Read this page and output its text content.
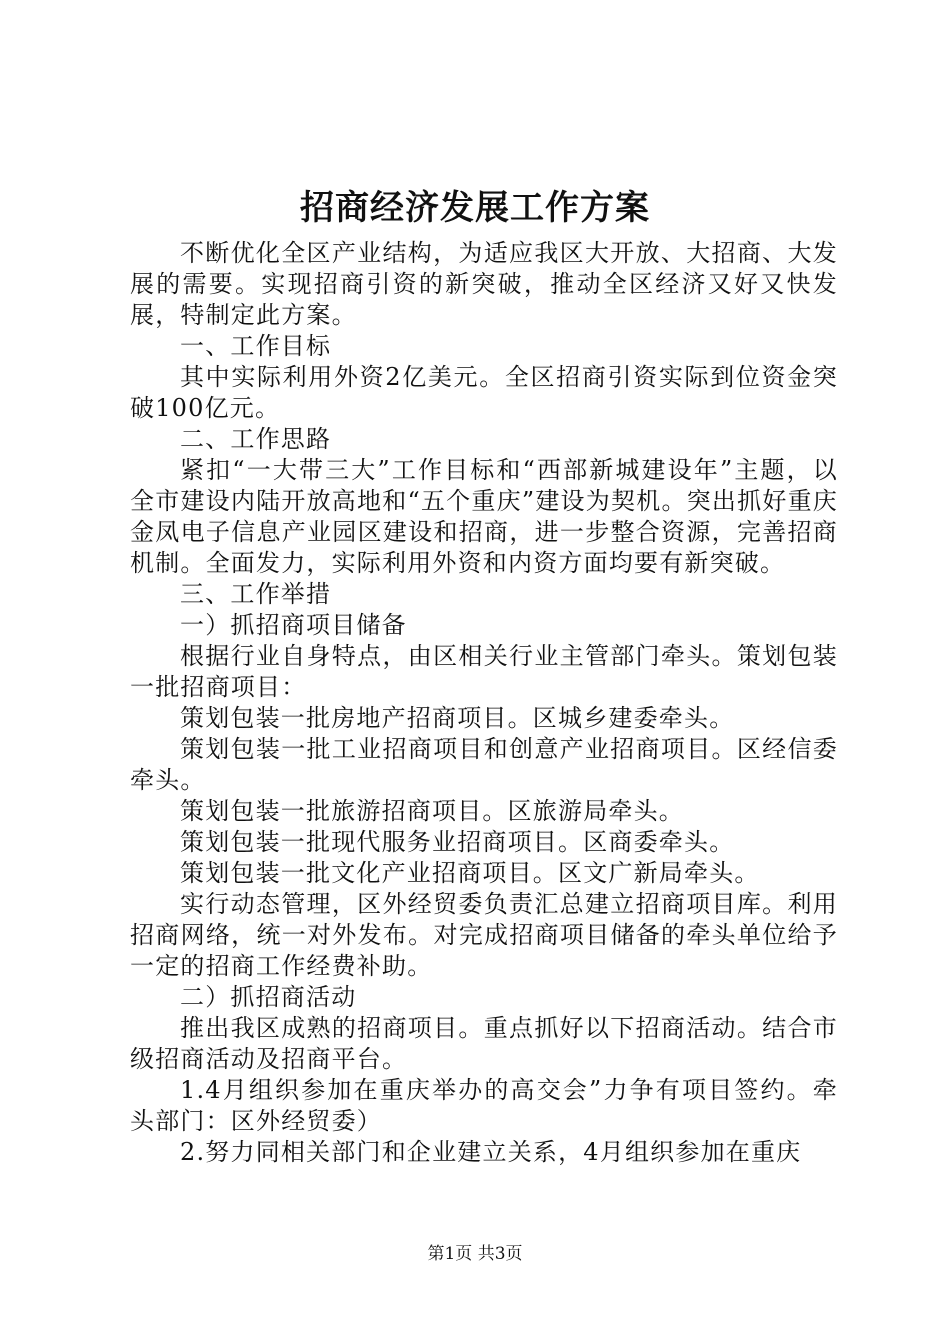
招商经济发展工作方案

不断优化全区产业结构，为适应我区大开放、大招商、大发展的需要。实现招商引资的新突破，推动全区经济又好又快发展，特制定此方案。

一、工作目标

其中实际利用外资2亿美元。全区招商引资实际到位资金突破100亿元。

二、工作思路

紧扣“一大带三大”工作目标和“西部新城建设年”主题，以全市建设内陆开放高地和“五个重庆”建设为契机。突出抓好重庆金凤电子信息产业园区建设和招商，进一步整合资源，完善招商机制。全面发力，实际利用外资和内资方面均要有新突破。

三、工作举措

一）抓招商项目储备

根据行业自身特点，由区相关行业主管部门牵头。策划包装一批招商项目：

策划包装一批房地产招商项目。区城乡建委牵头。

策划包装一批工业招商项目和创意产业招商项目。区经信委牵头。

策划包装一批旅游招商项目。区旅游局牵头。

策划包装一批现代服务业招商项目。区商委牵头。

策划包装一批文化产业招商项目。区文广新局牵头。

实行动态管理，区外经贸委负责汇总建立招商项目库。利用招商网络，统一对外发布。对完成招商项目储备的牵头单位给予一定的招商工作经费补助。

二）抓招商活动

推出我区成熟的招商项目。重点抓好以下招商活动。结合市级招商活动及招商平台。

1.4月组织参加在重庆举办的高交会”力争有项目签约。牵头部门：区外经贸委）

2.努力同相关部门和企业建立关系，4月组织参加在重庆

第1页 共3页
